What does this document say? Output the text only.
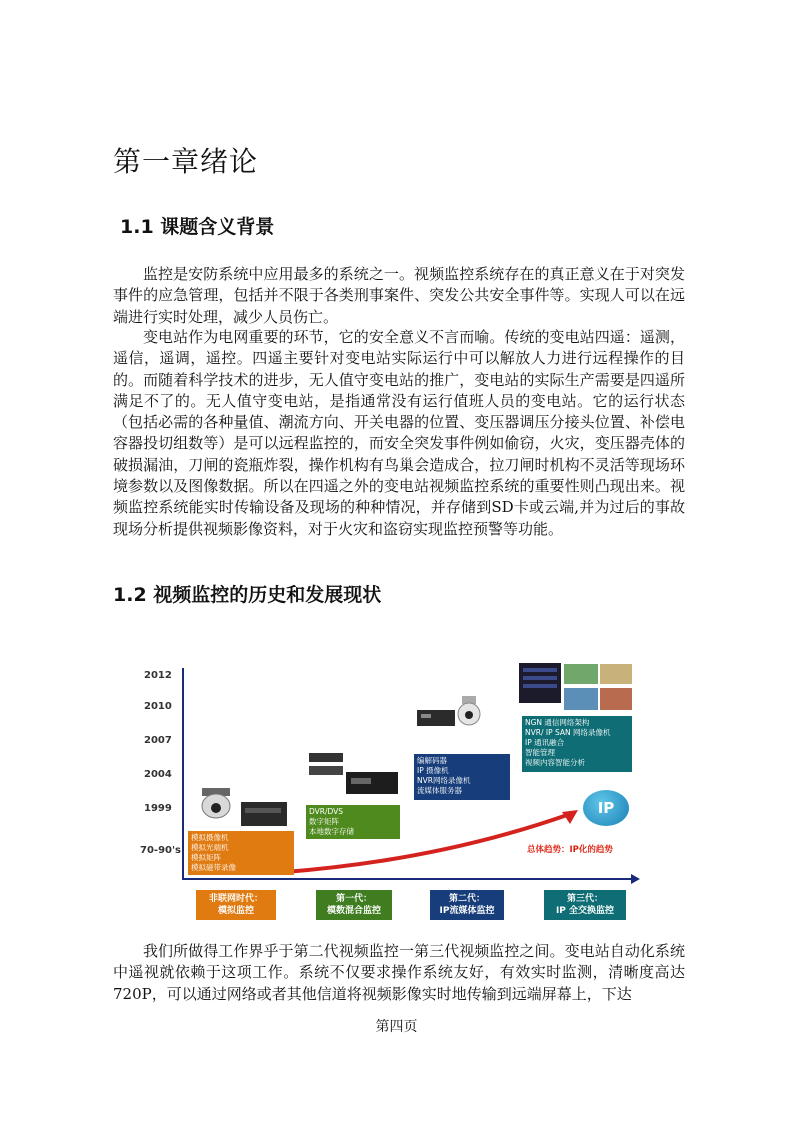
第一章绪论
1.1 课题含义背景

监控是安防系统中应用最多的系统之一。视频监控系统存在的真正意义在于对突发事件的应急管理，包括并不限于各类刑事案件、突发公共安全事件等。实现人可以在远端进行实时处理，减少人员伤亡。

变电站作为电网重要的环节，它的安全意义不言而喻。传统的变电站四遥：遥测，遥信，遥调，遥控。四遥主要针对变电站实际运行中可以解放人力进行远程操作的目的。而随着科学技术的进步，无人值守变电站的推广，变电站的实际生产需要是四遥所满足不了的。无人值守变电站，是指通常没有运行值班人员的变电站。它的运行状态（包括必需的各种量值、潮流方向、开关电器的位置、变压器调压分接头位置、补偿电容器投切组数等）是可以远程监控的，而安全突发事件例如偷窃，火灾，变压器壳体的破损漏油，刀闸的瓷瓶炸裂，操作机构有鸟巢会造成合，拉刀闸时机构不灵活等现场环境参数以及图像数据。所以在四遥之外的变电站视频监控系统的重要性则凸现出来。视频监控系统能实时传输设备及现场的种种情况，并存储到SD卡或云端,并为过后的事故现场分析提供视频影像资料，对于火灾和盗窃实现监控预警等功能。

1.2 视频监控的历史和发展现状
2012
2010
2007
2004
1999
70-90's
模拟摄像机
模拟光端机
模拟矩阵
模拟磁带录像
DVR/DVS
数字矩阵
本地数字存储
编解码器
IP 摄像机
NVR网络录像机
流媒体服务器
NGN 通信网络架构
NVR/ IP SAN 网络录像机
IP 通讯融合
智能管理
视频内容智能分析
IP
总体趋势：IP化的趋势
非联网时代：
模拟监控
第一代：
模数混合监控
第二代：
IP流媒体监控
第三代：
IP 全交换监控

我们所做得工作界乎于第二代视频监控一第三代视频监控之间。变电站自动化系统中遥视就依赖于这项工作。系统不仅要求操作系统友好，有效实时监测，清晰度高达 720P，可以通过网络或者其他信道将视频影像实时地传输到远端屏幕上，下达

第四页
